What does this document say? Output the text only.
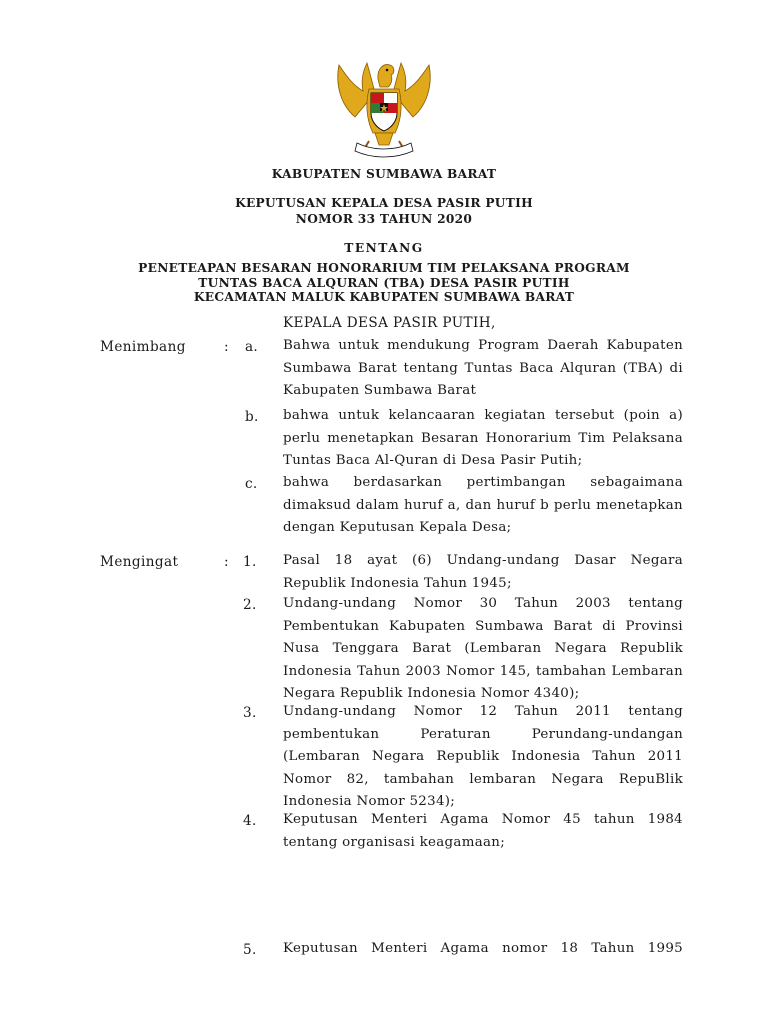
KABUPATEN SUMBAWA BARAT
KEPUTUSAN KEPALA DESA PASIR PUTIH
NOMOR 33 TAHUN 2020
TENTANG
PENETEAPAN BESARAN HONORARIUM TIM PELAKSANA PROGRAM
TUNTAS BACA ALQURAN (TBA) DESA PASIR PUTIH
KECAMATAN MALUK KABUPATEN SUMBAWA BARAT
KEPALA DESA PASIR PUTIH,
Menimbang	: a. Bahwa untuk mendukung Program Daerah Kabupaten Sumbawa Barat tentang Tuntas Baca Alquran (TBA) di Kabupaten Sumbawa Barat
b. bahwa untuk kelancaaran kegiatan tersebut (poin a) perlu menetapkan Besaran Honorarium Tim Pelaksana Tuntas Baca Al-Quran di Desa Pasir Putih;
c. bahwa berdasarkan pertimbangan sebagaimana dimaksud dalam huruf a, dan huruf b perlu menetapkan dengan Keputusan Kepala Desa;
Mengingat	: 1. Pasal 18 ayat (6) Undang-undang Dasar Negara Republik Indonesia Tahun 1945;
2. Undang-undang Nomor 30 Tahun 2003 tentang Pembentukan Kabupaten Sumbawa Barat di Provinsi Nusa Tenggara Barat (Lembaran Negara Republik Indonesia Tahun 2003 Nomor 145, tambahan Lembaran Negara Republik Indonesia Nomor 4340);
3. Undang-undang Nomor 12 Tahun 2011 tentang pembentukan Peraturan Perundang-undangan (Lembaran Negara Republik Indonesia Tahun 2011 Nomor 82, tambahan lembaran Negara RepuBlik Indonesia Nomor 5234);
4. Keputusan Menteri Agama Nomor 45 tahun 1984 tentang organisasi keagamaan;
5. Keputusan Menteri Agama nomor 18 Tahun 1995
